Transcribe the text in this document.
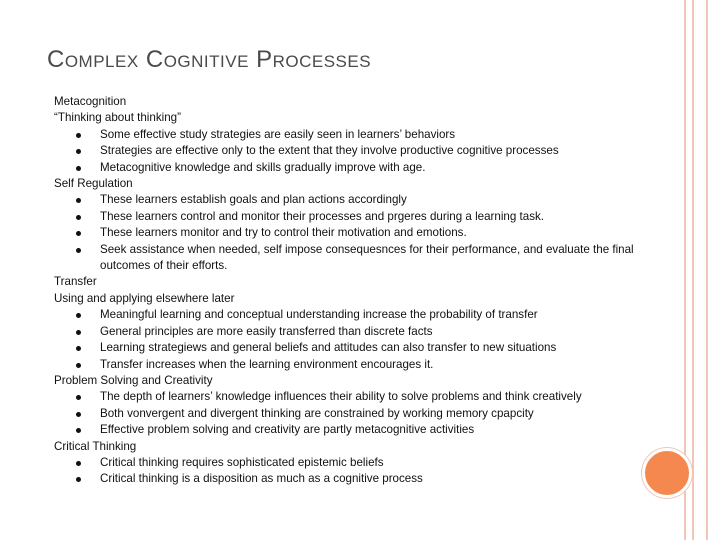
Complex Cognitive Processes
Metacognition
“Thinking about thinking”
Some effective study strategies are easily seen in learners’ behaviors
Strategies are effective only to the extent that they involve productive cognitive processes
Metacognitive knowledge and skills gradually improve with age.
Self Regulation
These learners establish goals and plan actions accordingly
These learners control and monitor their processes and prgeres during a learning task.
These learners monitor and try to control their motivation and emotions.
Seek assistance when needed, self impose consequesnces for their performance, and evaluate the final outcomes of their efforts.
Transfer
Using and applying elsewhere later
Meaningful learning and conceptual understanding increase the probability of transfer
General principles are more easily transferred than discrete facts
Learning strategiews and general beliefs and attitudes can also transfer to new situations
Transfer increases when the learning environment encourages it.
Problem Solving and Creativity
The depth of learners’ knowledge influences their ability to solve problems and think creatively
Both vonvergent and divergent thinking are constrained by working memory cpapcity
Effective problem solving and creativity are partly metacognitive activities
Critical Thinking
Critical thinking requires sophisticated epistemic beliefs
Critical thinking is a disposition as much as a cognitive process
